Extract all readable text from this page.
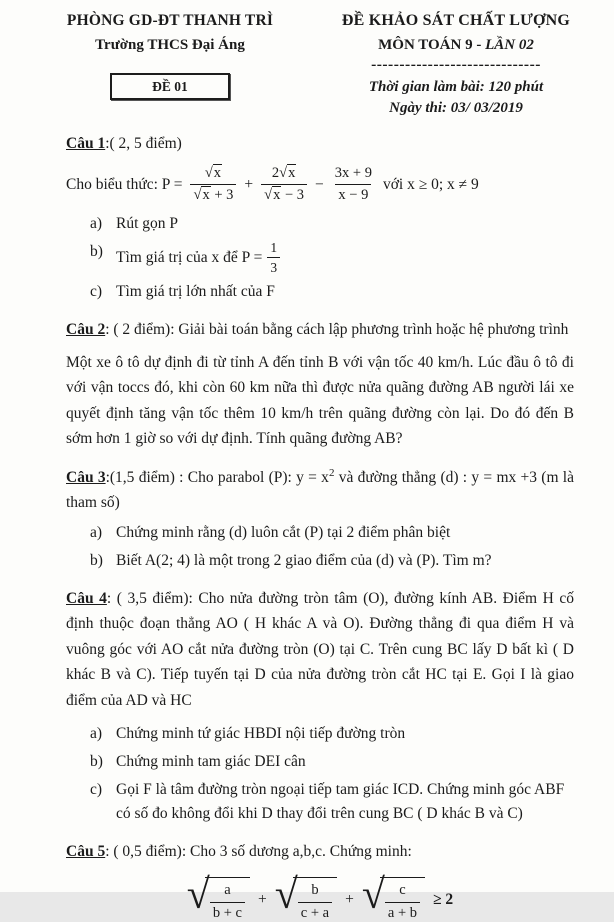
PHÒNG GD-ĐT THANH TRÌ
Trường THCS Đại Áng
ĐỀ 01
ĐỀ KHẢO SÁT CHẤT LƯỢNG
MÔN TOÁN 9 - LẦN 02
------------------------------
Thời gian làm bài: 120 phút
Ngày thi: 03/ 03/2019
Câu 1:( 2, 5 điểm)
Cho biểu thức: P = √ x
√ x + 3 + 2 √ x
√ $x - 3 - \frac{3x + 9}{x - 9}$ với x ≥ 0; x ≠ 9
a) Rút gọn P
b) Tìm giá trị của x để $P = \frac{1}{3}$
c) Tìm giá trị lớn nhất của F
Câu 2: ( 2 điểm): Giải bài toán bằng cách lập phương trình hoặc hệ phương trình
Một xe ô tô dự định đi từ tỉnh A đến tỉnh B với vận tốc 40 km/h. Lúc đầu ô tô đi với vận toccs đó, khi còn 60 km nữa thì được nửa quãng đường AB người lái xe quyết định tăng vận tốc thêm 10 km/h trên quãng đường còn lại. Do đó đến B sớm hơn 1 giờ so với dự định. Tính quãng đường AB?
Câu 3:(1,5 điểm) : Cho parabol (P): $y = x^2$ và đường thẳng (d) : y = mx +3 (m là tham số)
a) Chứng minh rằng (d) luôn cắt (P) tại 2 điểm phân biệt
b) Biết A(2; 4) là một trong 2 giao điểm của (d) và (P). Tìm m?
Câu 4: ( 3,5 điểm): Cho nửa đường tròn tâm (O), đường kính AB. Điểm H cố định thuộc đoạn thẳng AO ( H khác A và O). Đường thẳng đi qua điểm H và vuông góc với AO cắt nửa đường tròn (O) tại C. Trên cung BC lấy D bất kì ( D khác B và C). Tiếp tuyến tại D của nửa đường tròn cắt HC tại E. Gọi I là giao điểm của AD và HC
a) Chứng minh tứ giác HBDI nội tiếp đường tròn
b) Chứng minh tam giác DEI cân
c) Gọi F là tâm đường tròn ngoại tiếp tam giác ICD. Chứng minh góc ABF có số đo không đổi khi D thay đổi trên cung BC ( D khác B và C)
Câu 5: ( 0,5 điểm): Cho 3 số dương a,b,c. Chứng minh:
√
$\frac{a}{b + c}$ + √ $\frac{b}{c + a}$ + √ $\frac{c}{a + b} \ge 2$
